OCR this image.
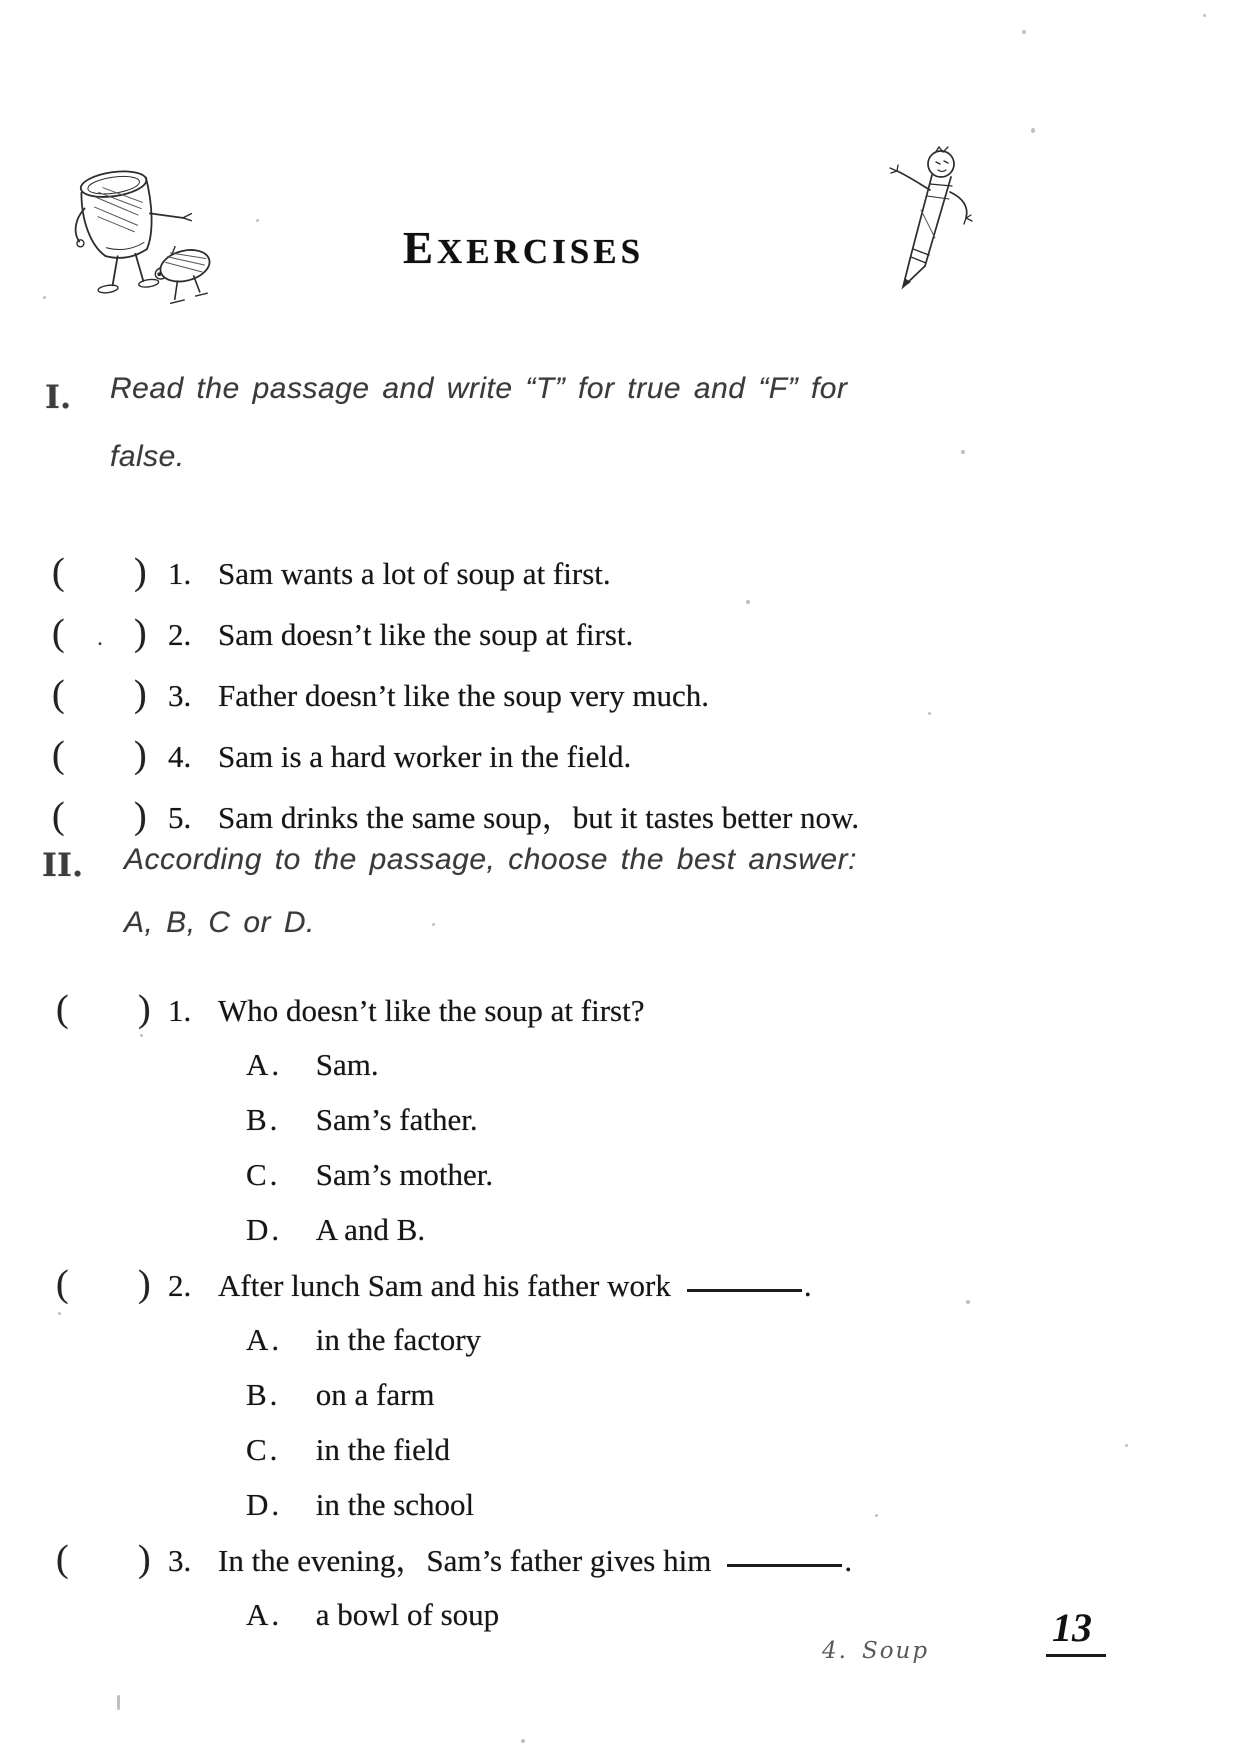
EXERCISES
I. Read the passage and write “T” for true and “F” for
false.
( ) 1. Sam wants a lot of soup at first.
(	. ) 2. Sam doesn’t like the soup at first.
( ) 3. Father doesn’t like the soup very much.
( ) 4. Sam is a hard worker in the field.
( ) 5. Sam drinks the same soup，but it tastes better now.
II. According to the passage, choose the best answer:
A, B, C or D.
( ) 1. Who doesn’t like the soup at first?
A. Sam.
B. Sam’s father.
C. Sam’s mother.
D. A and B.
( ) 2. After lunch Sam and his father work	.
A. in the factory
B. on a farm
C. in the field
D. in the school
( ) 3. In the evening，Sam’s father gives him	.
A. a bowl of soup
4. Soup
13
